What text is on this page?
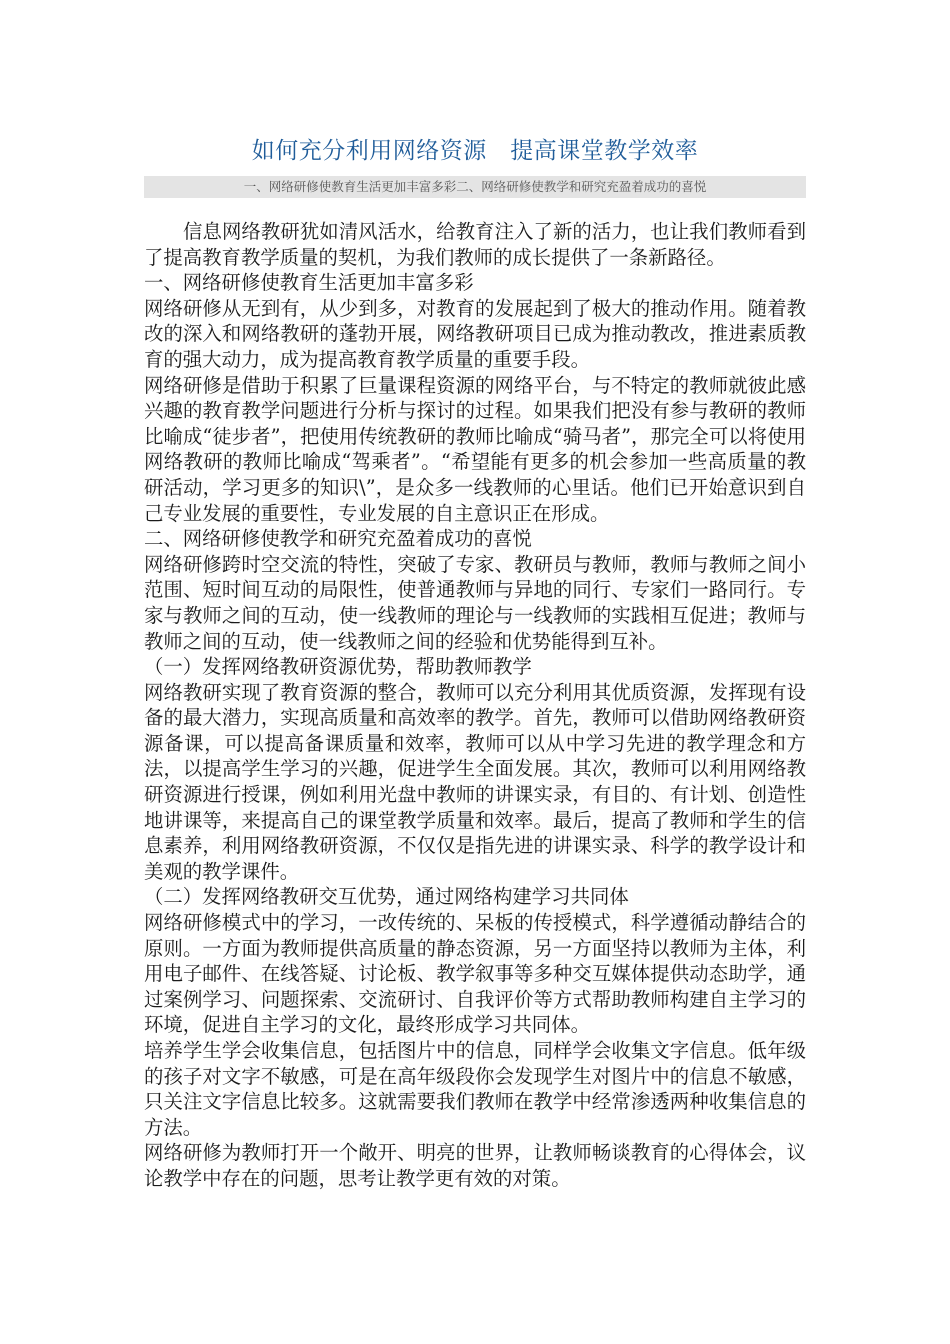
如何充分利用网络资源　提高课堂教学效率
一、网络研修使教育生活更加丰富多彩二、网络研修使教学和研究充盈着成功的喜悦

信息网络教研犹如清风活水，给教育注入了新的活力，也让我们教师看到了提高教育教学质量的契机，为我们教师的成长提供了一条新路径。

一、网络研修使教育生活更加丰富多彩

网络研修从无到有，从少到多，对教育的发展起到了极大的推动作用。随着教改的深入和网络教研的蓬勃开展，网络教研项目已成为推动教改，推进素质教育的强大动力，成为提高教育教学质量的重要手段。

网络研修是借助于积累了巨量课程资源的网络平台，与不特定的教师就彼此感兴趣的教育教学问题进行分析与探讨的过程。如果我们把没有参与教研的教师比喻成“徒步者”，把使用传统教研的教师比喻成“骑马者”，那完全可以将使用网络教研的教师比喻成“驾乘者”。“希望能有更多的机会参加一些高质量的教研活动，学习更多的知识\”，是众多一线教师的心里话。他们已开始意识到自己专业发展的重要性，专业发展的自主意识正在形成。

二、网络研修使教学和研究充盈着成功的喜悦

网络研修跨时空交流的特性，突破了专家、教研员与教师，教师与教师之间小范围、短时间互动的局限性，使普通教师与异地的同行、专家们一路同行。专家与教师之间的互动，使一线教师的理论与一线教师的实践相互促进；教师与教师之间的互动，使一线教师之间的经验和优势能得到互补。

（一）发挥网络教研资源优势，帮助教师教学

网络教研实现了教育资源的整合，教师可以充分利用其优质资源，发挥现有设备的最大潜力，实现高质量和高效率的教学。首先，教师可以借助网络教研资源备课，可以提高备课质量和效率，教师可以从中学习先进的教学理念和方法，以提高学生学习的兴趣，促进学生全面发展。其次，教师可以利用网络教研资源进行授课，例如利用光盘中教师的讲课实录，有目的、有计划、创造性地讲课等，来提高自己的课堂教学质量和效率。最后，提高了教师和学生的信息素养，利用网络教研资源，不仅仅是指先进的讲课实录、科学的教学设计和美观的教学课件。

（二）发挥网络教研交互优势，通过网络构建学习共同体

网络研修模式中的学习，一改传统的、呆板的传授模式，科学遵循动静结合的原则。一方面为教师提供高质量的静态资源，另一方面坚持以教师为主体，利用电子邮件、在线答疑、讨论板、教学叙事等多种交互媒体提供动态助学，通过案例学习、问题探索、交流研讨、自我评价等方式帮助教师构建自主学习的环境，促进自主学习的文化，最终形成学习共同体。

培养学生学会收集信息，包括图片中的信息，同样学会收集文字信息。低年级的孩子对文字不敏感，可是在高年级段你会发现学生对图片中的信息不敏感，只关注文字信息比较多。这就需要我们教师在教学中经常渗透两种收集信息的方法。

网络研修为教师打开一个敞开、明亮的世界，让教师畅谈教育的心得体会，议论教学中存在的问题，思考让教学更有效的对策。
